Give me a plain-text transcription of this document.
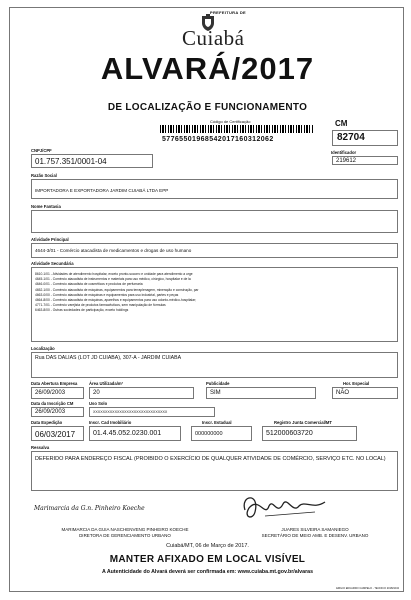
PREFEITURA DE
Cuiabá
ALVARÁ/2017
DE LOCALIZAÇÃO E FUNCIONAMENTO
Código de Certificação
5776550196854201716031206​2
CM
82704
Identificador
219612
CNPJ/CPF
01.757.351/0001-04
Razão Social
IMPORTADORA E EXPORTADORA JARDIM CUIABÁ LTDA EPP
Nome Fantasia
Atividade Principal
4644-3/01 - Comércio atacadista de medicamentos e drogas de uso humano
Atividade Secundária
8610-1/01 - Atividades de atendimento hospitalar, exceto pronto-socorro e unidade para atendimento a urge
4645-1/01 - Comércio atacadista de instrumentos e materiais para uso médico, cirúrgico, hospitalar e de la
4646-0/01 - Comércio atacadista de cosméticos e produtos de perfumaria
4652-1/00 - Comércio atacadista de máquinas, equipamentos para terraplenagem, mineração e construção, par
4663-0/00 - Comércio atacadista de máquinas e equipamentos para uso industrial, partes e peças
4664-8/00 - Comércio atacadista de máquinas, aparelhos e equipamentos para uso odonto-médico-hospitalar;
4771-7/01 - Comércio varejista de produtos farmacêuticos, sem manipulação de fórmulas
6463-8/00 - Outras sociedades de participação, exceto holdings
Localização
Rua DAS DALIAS (LOT JD CUIABA), 307-A - JARDIM CUIABA
Data Abertura Empresa
26/09/2003
Área Utilizada/m²
20
Publicidade
SIM
Hor. Especial
NÃO
Data da Inscrição CM
26/09/2003
Uso Solo
XXXXXXXXXXXXXXXXXXXXXXXXXXXXXXX
Data Expedição
06/03/2017
Inscr. Cad Imobiliário
01.4.45.052.0230.001
Inscr. Estadual
000000000
Registro Junta Comercial/MT
512000603720
Ressalva
DEFERIDO PARA ENDEREÇO FISCAL (PROIBIDO O EXERCÍCIO DE QUALQUER ATIVIDADE DE COMÉRCIO, SERVIÇO ETC. NO LOCAL)
Marimarcia da G.n. Pinheiro Koeche
MARIMARCIA DA GUIA NASCHENVENG PINHEIRO KOECHE
DIRETORA DE GERENCIAMENTO URBANO
JUARES SILVEIRA SAMANIEGO
SECRETÁRIO DE MEIO AMB. E DESENV. URBANO
Cuiabá/MT, 06 de Março de 2017.
MANTER AFIXADO EM LOCAL VISÍVEL
A Autenticidade do Alvará deverá ser confirmada em: www.cuiaba.mt.gov.br/alvaras
EMILIO EDUARDO CAMPELO - TECNICO 2018/1034
